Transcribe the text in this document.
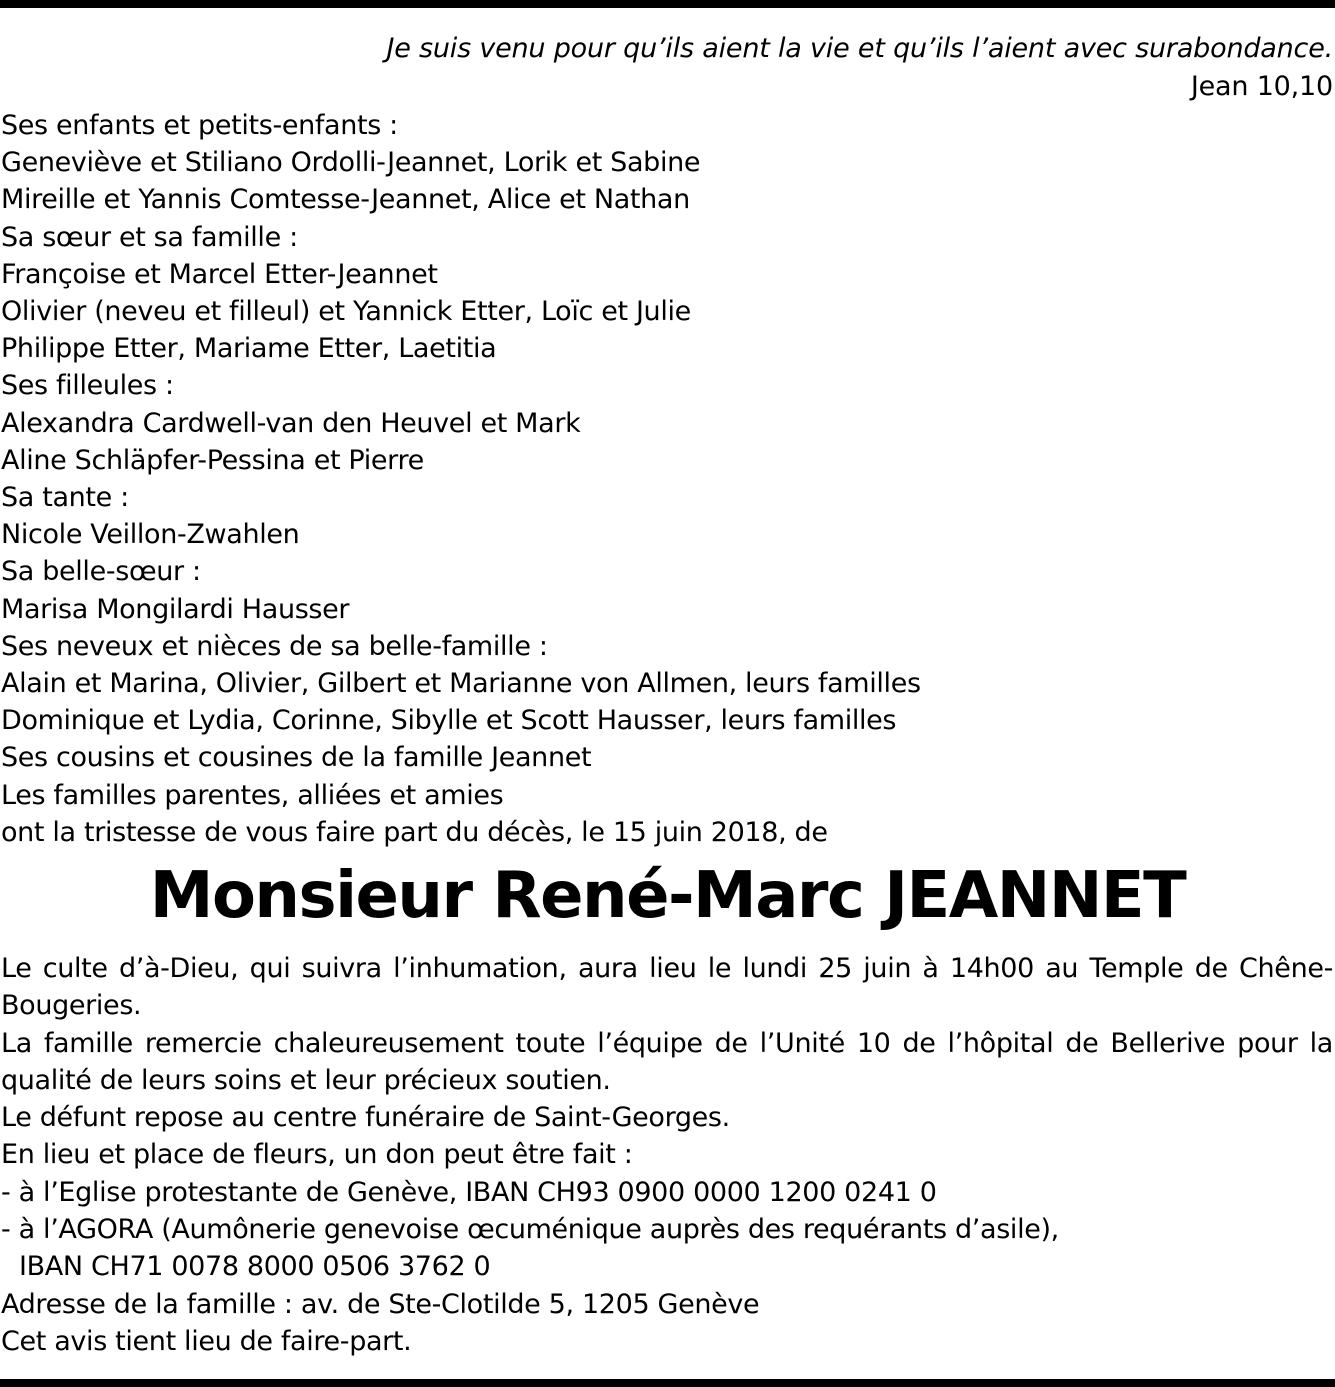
Je suis venu pour qu’ils aient la vie et qu’ils l’aient avec surabondance.
Jean 10,10
Ses enfants et petits-enfants :
Geneviève et Stiliano Ordolli-Jeannet, Lorik et Sabine
Mireille et Yannis Comtesse-Jeannet, Alice et Nathan
Sa sœur et sa famille :
Françoise et Marcel Etter-Jeannet
Olivier (neveu et filleul) et Yannick Etter, Loïc et Julie
Philippe Etter, Mariame Etter, Laetitia
Ses filleules :
Alexandra Cardwell-van den Heuvel et Mark
Aline Schläpfer-Pessina et Pierre
Sa tante :
Nicole Veillon-Zwahlen
Sa belle-sœur :
Marisa Mongilardi Hausser
Ses neveux et nièces de sa belle-famille :
Alain et Marina, Olivier, Gilbert et Marianne von Allmen, leurs familles
Dominique et Lydia, Corinne, Sibylle et Scott Hausser, leurs familles
Ses cousins et cousines de la famille Jeannet
Les familles parentes, alliées et amies
ont la tristesse de vous faire part du décès, le 15 juin 2018, de
Monsieur René-Marc JEANNET
Le culte d’à-Dieu, qui suivra l’inhumation, aura lieu le lundi 25 juin à 14h00 au Temple de Chêne-Bougeries.
La famille remercie chaleureusement toute l’équipe de l’Unité 10 de l’hôpital de Bellerive pour la qualité de leurs soins et leur précieux soutien.
Le défunt repose au centre funéraire de Saint-Georges.
En lieu et place de fleurs, un don peut être fait :
- à l’Eglise protestante de Genève, IBAN CH93 0900 0000 1200 0241 0
- à l’AGORA (Aumônerie genevoise œcuménique auprès des requérants d’asile),
IBAN CH71 0078 8000 0506 3762 0
Adresse de la famille : av. de Ste-Clotilde 5, 1205 Genève
Cet avis tient lieu de faire-part.
